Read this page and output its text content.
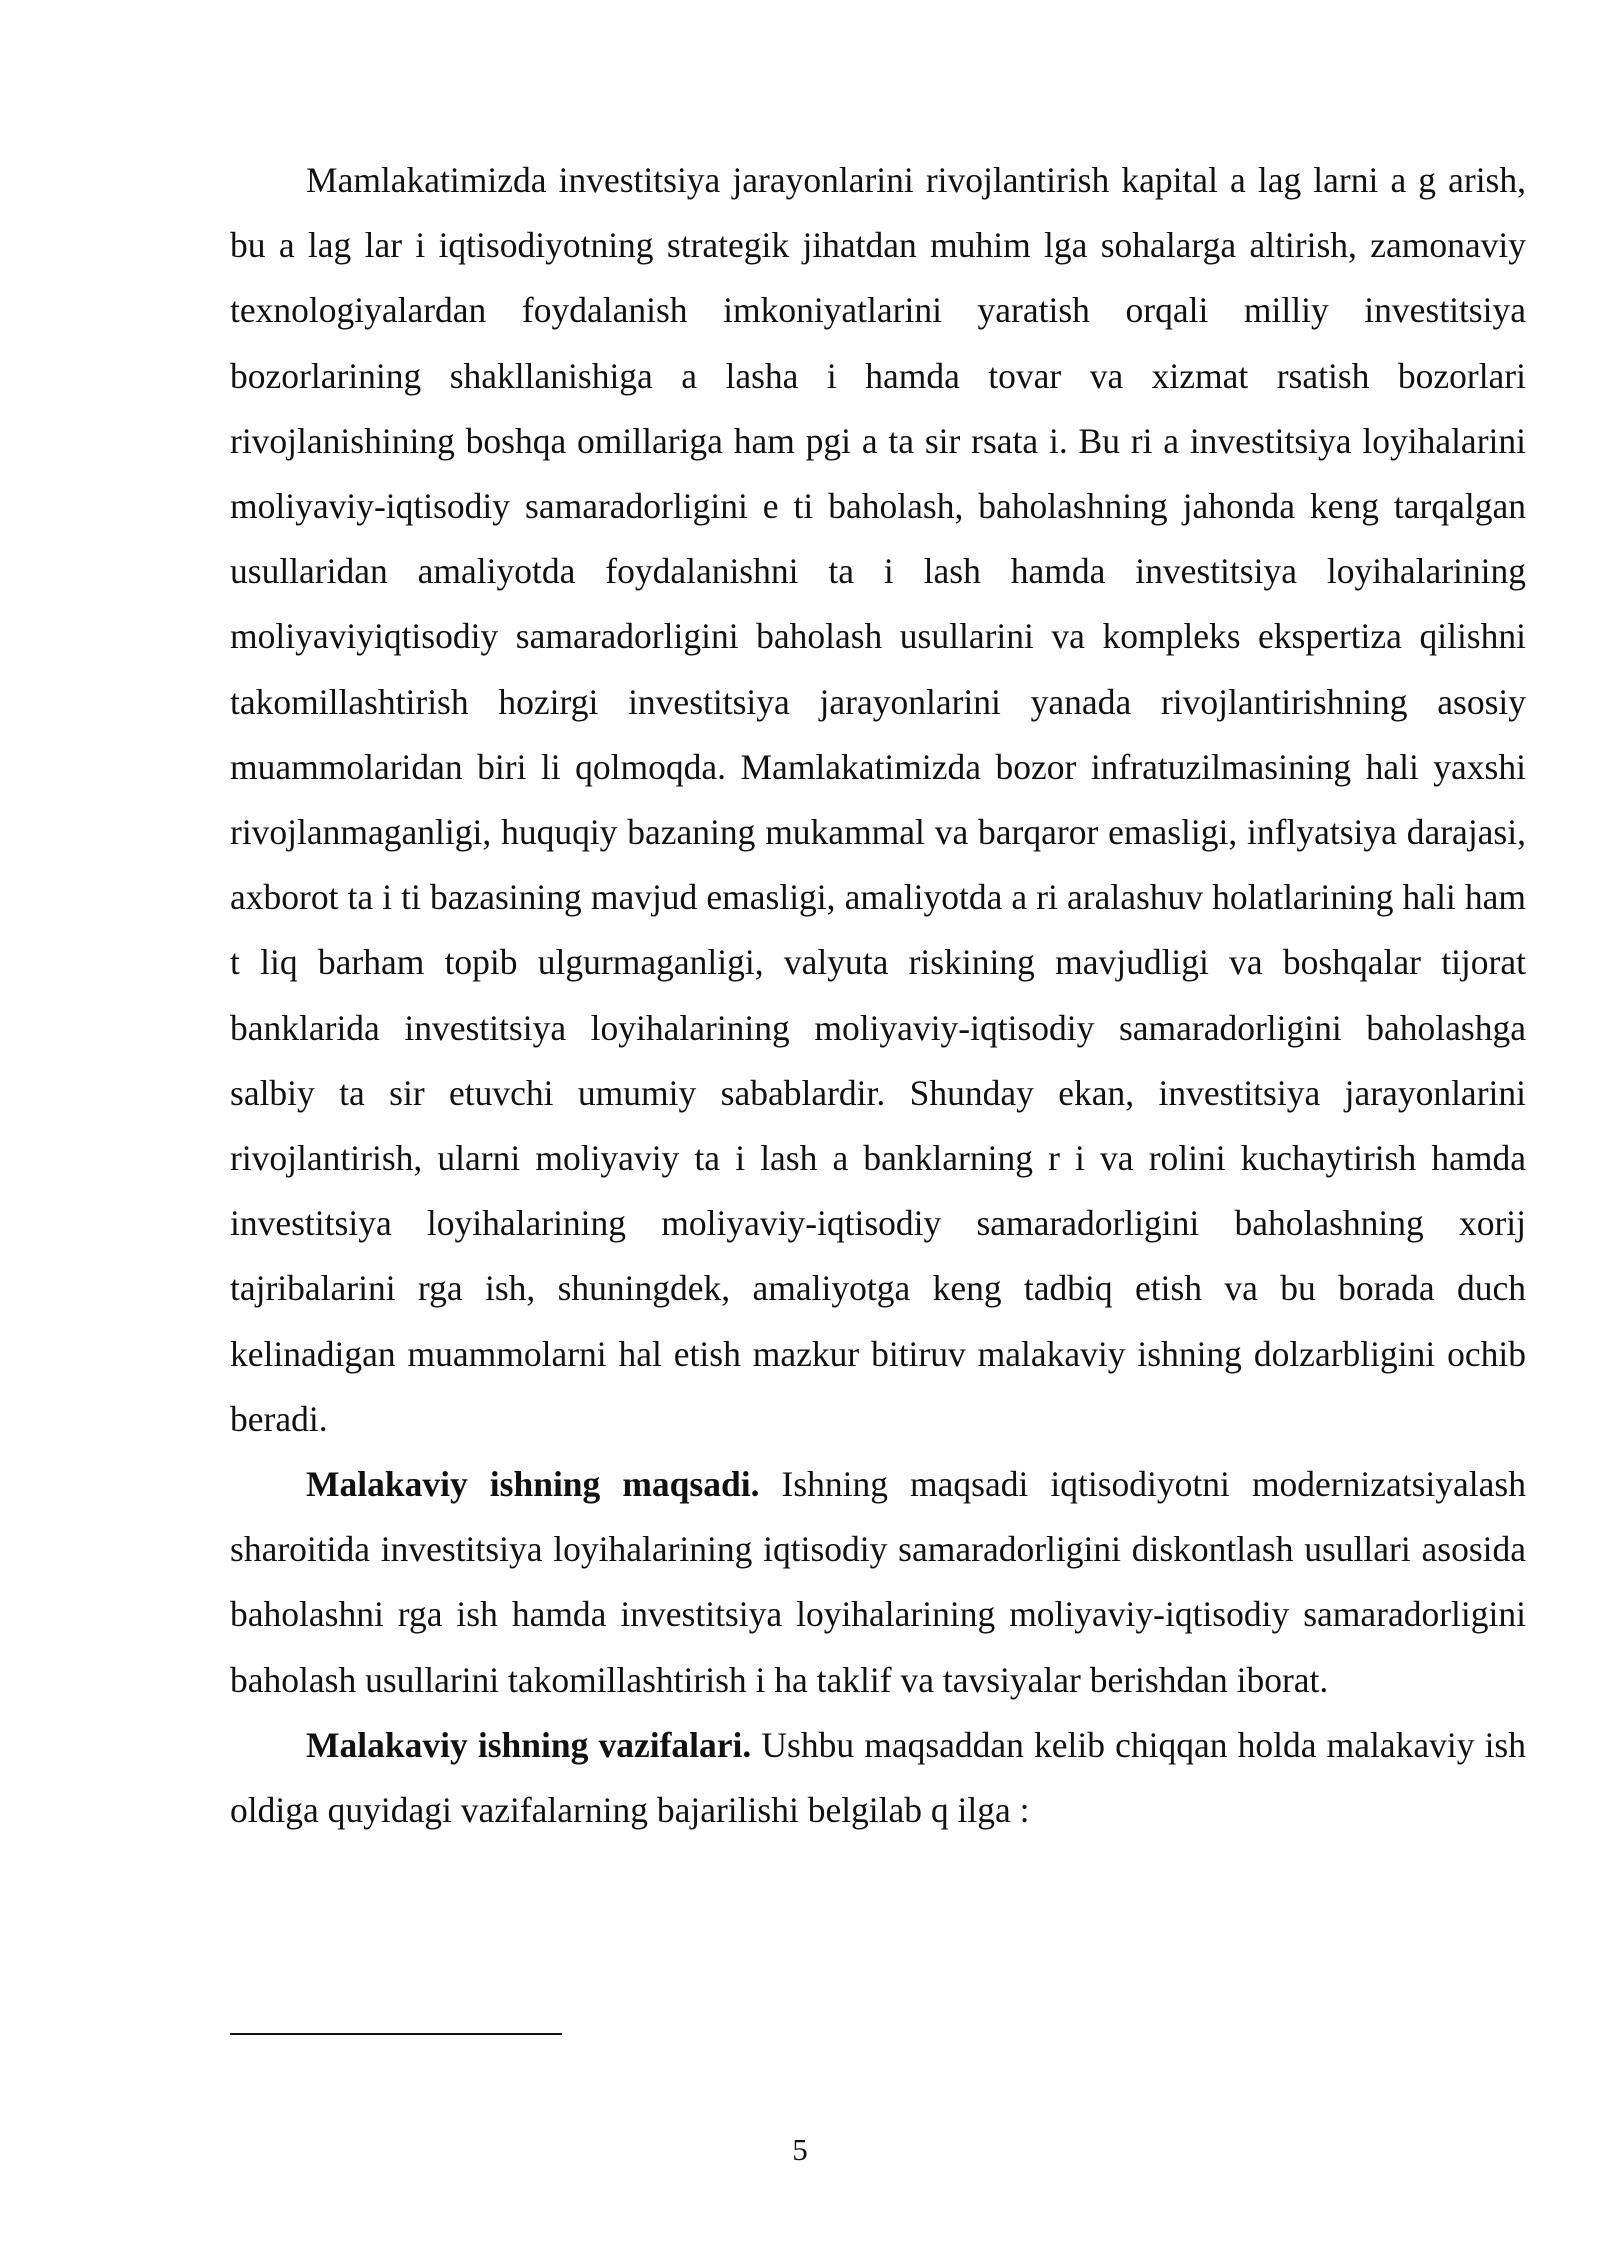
Mamlakatimizda investitsiya jarayonlarini rivojlantirish kapital a lag larni a g arish, bu a lag lar i iqtisodiyotning strategik jihatdan muhim lga sohalarga altirish, zamonaviy texnologiyalardan foydalanish imkoniyatlarini yaratish orqali milliy investitsiya bozorlarining shakllanishiga a lasha i hamda tovar va xizmat rsatish bozorlari rivojlanishining boshqa omillariga ham pgi a ta sir rsata i. Bu ri a investitsiya loyihalarini moliyaviy-iqtisodiy samaradorligini e ti baholash, baholashning jahonda keng tarqalgan usullaridan amaliyotda foydalanishni ta i lash hamda investitsiya loyihalarining moliyaviyiqtisodiy samaradorligini baholash usullarini va kompleks ekspertiza qilishni takomillashtirish hozirgi investitsiya jarayonlarini yanada rivojlantirishning asosiy muammolaridan biri li qolmoqda. Mamlakatimizda bozor infratuzilmasining hali yaxshi rivojlanmaganligi, huquqiy bazaning mukammal va barqaror emasligi, inflyatsiya darajasi, axborot ta i ti bazasining mavjud emasligi, amaliyotda a ri aralashuv holatlarining hali ham t liq barham topib ulgurmaganligi, valyuta riskining mavjudligi va boshqalar tijorat banklarida investitsiya loyihalarining moliyaviy-iqtisodiy samaradorligini baholashga salbiy ta sir etuvchi umumiy sabablardir. Shunday ekan, investitsiya jarayonlarini rivojlantirish, ularni moliyaviy ta i lash a banklarning r i va rolini kuchaytirish hamda investitsiya loyihalarining moliyaviy-iqtisodiy samaradorligini baholashning xorij tajribalarini rga ish, shuningdek, amaliyotga keng tadbiq etish va bu borada duch kelinadigan muammolarni hal etish mazkur bitiruv malakaviy ishning dolzarbligini ochib beradi.

Malakaviy ishning maqsadi. Ishning maqsadi iqtisodiyotni modernizatsiyalash sharoitida investitsiya loyihalarining iqtisodiy samaradorligini diskontlash usullari asosida baholashni rga ish hamda investitsiya loyihalarining moliyaviy-iqtisodiy samaradorligini baholash usullarini takomillashtirish i ha taklif va tavsiyalar berishdan iborat.

Malakaviy ishning vazifalari. Ushbu maqsaddan kelib chiqqan holda malakaviy ish oldiga quyidagi vazifalarning bajarilishi belgilab q ilga :

5
